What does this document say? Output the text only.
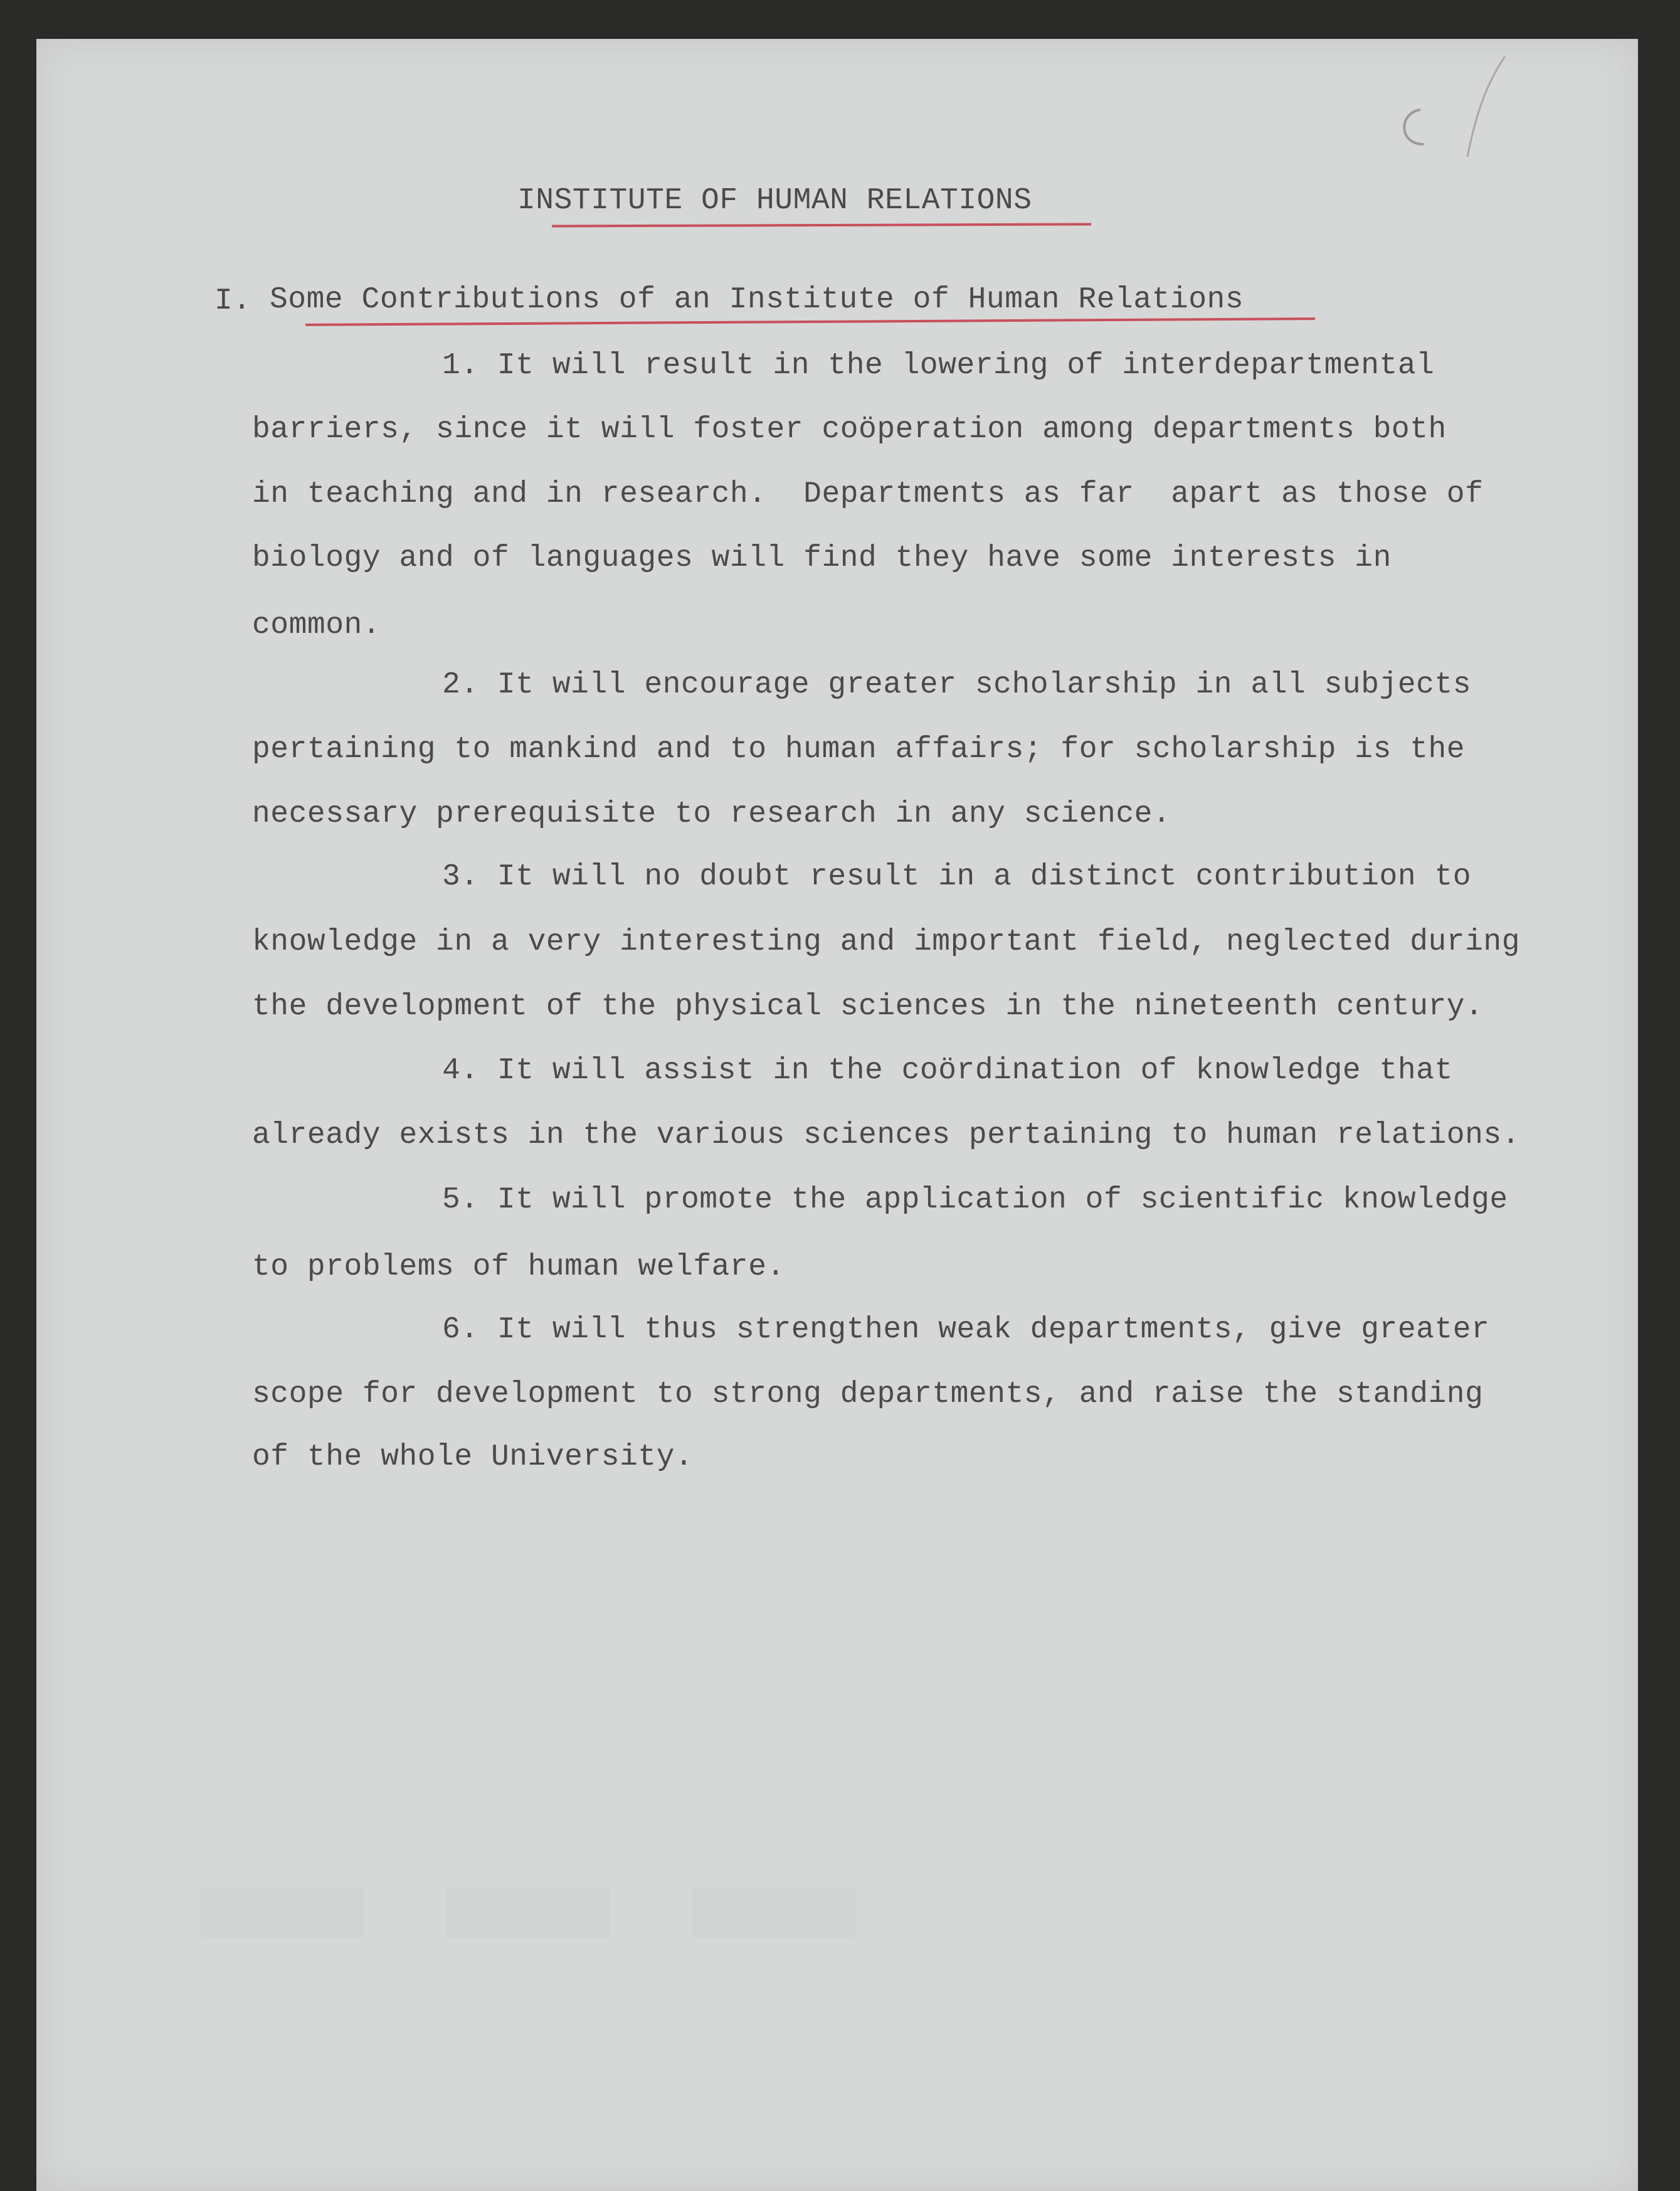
INSTITUTE OF HUMAN RELATIONS
I. Some Contributions of an Institute of Human Relations
1. It will result in the lowering of interdepartmental
barriers, since it will foster coöperation among departments both
in teaching and in research.  Departments as far  apart as those of
biology and of languages will find they have some interests in
common.
2. It will encourage greater scholarship in all subjects
pertaining to mankind and to human affairs; for scholarship is the
necessary prerequisite to research in any science.
3. It will no doubt result in a distinct contribution to
knowledge in a very interesting and important field, neglected during
the development of the physical sciences in the nineteenth century.
4. It will assist in the coördination of knowledge that
already exists in the various sciences pertaining to human relations.
5. It will promote the application of scientific knowledge
to problems of human welfare.
6. It will thus strengthen weak departments, give greater
scope for development to strong departments, and raise the standing
of the whole University.
▬ ▬ ▬
